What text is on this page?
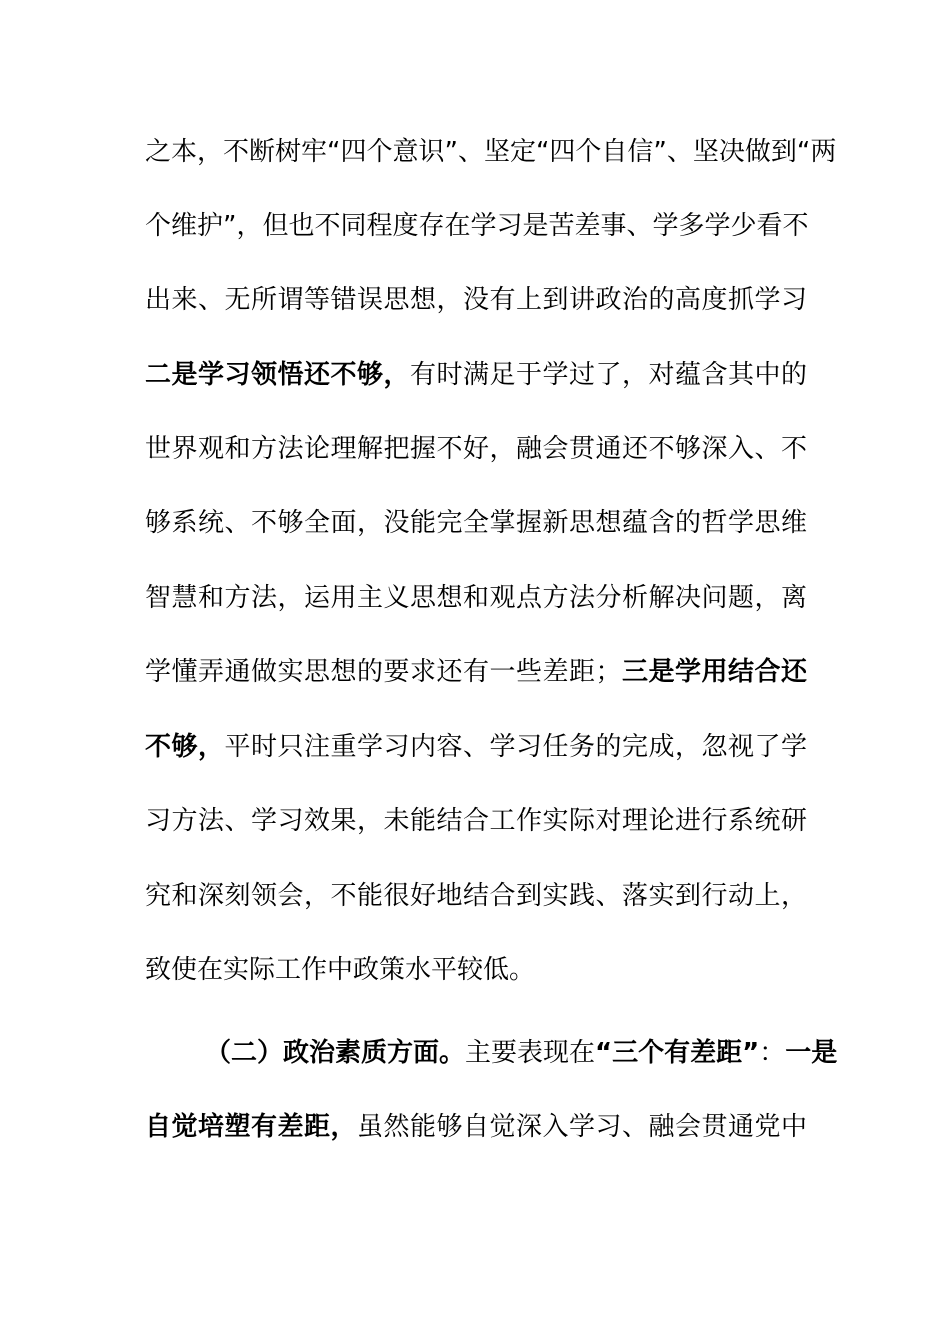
之本，不断树牢“四个意识”、坚定“四个自信”、坚决做到“两
个维护”，但也不同程度存在学习是苦差事、学多学少看不
出来、无所谓等错误思想，没有上到讲政治的高度抓学习
二是学习领悟还不够，有时满足于学过了，对蕴含其中的
世界观和方法论理解把握不好，融会贯通还不够深入、不
够系统、不够全面，没能完全掌握新思想蕴含的哲学思维
智慧和方法，运用主义思想和观点方法分析解决问题，离
学懂弄通做实思想的要求还有一些差距；三是学用结合还
不够，平时只注重学习内容、学习任务的完成，忽视了学
习方法、学习效果，未能结合工作实际对理论进行系统研
究和深刻领会，不能很好地结合到实践、落实到行动上，
致使在实际工作中政策水平较低。
（二）政治素质方面。主要表现在“三个有差距”：一是
自觉培塑有差距，虽然能够自觉深入学习、融会贯通党中
